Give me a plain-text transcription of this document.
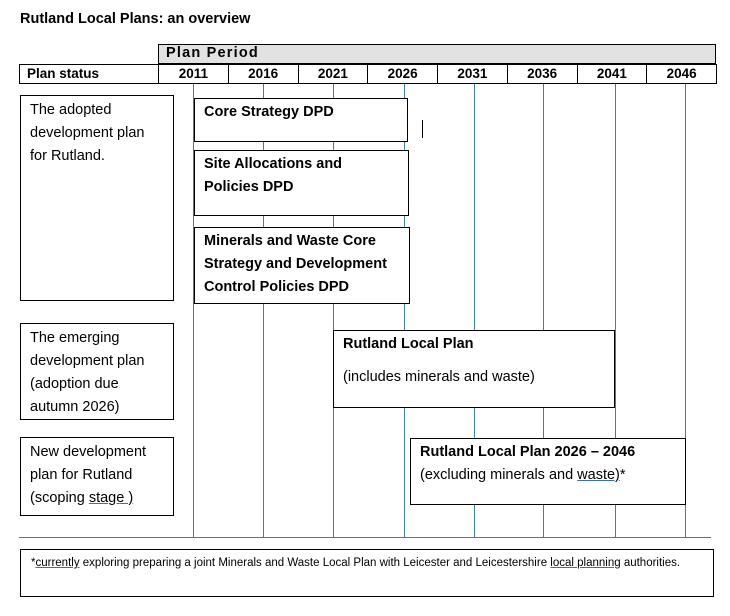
Rutland Local Plans: an overview
Plan Period
Plan status	2011	2016	2021	2026	2031	2036	2041	2046
The adopted development plan for Rutland.
The emerging development plan (adoption due autumn 2026)
New development plan for Rutland (scoping stage )
Core Strategy DPD
Site Allocations and Policies DPD
Minerals and Waste Core Strategy and Development Control Policies DPD
Rutland Local Plan
(includes minerals and waste)
Rutland Local Plan 2026 – 2046
(excluding minerals and waste)*
*currently exploring preparing a joint Minerals and Waste Local Plan with Leicester and Leicestershire local planning authorities.
